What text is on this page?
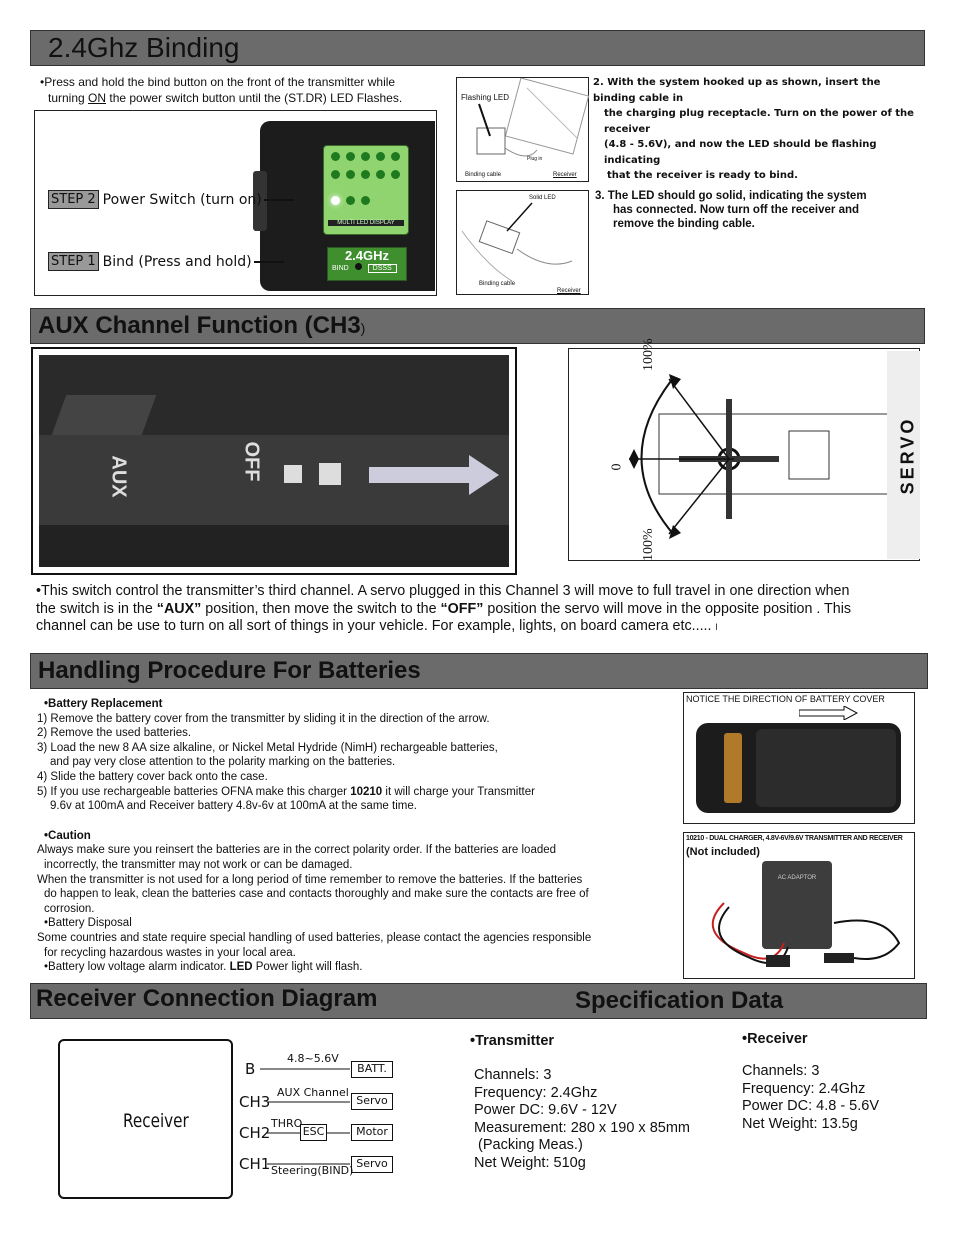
2.4Ghz Binding
•Press and hold the bind button on the front of the transmitter while
turning ON the power switch button until the (ST.DR) LED Flashes.
MULTI LED DISPLAY
2.4GHz
BIND	DSSS
STEP 2 Power Switch (turn on)
STEP 1 Bind (Press and hold)
Flashing LED
Plug in
Binding cable	Receiver
Solid LED
Binding cable
Receiver
2. With the system hooked up as shown, insert the binding cable in
the charging plug receptacle. Turn on the power of the receiver
(4.8 - 5.6V), and now the LED should be flashing indicating
that the receiver is ready to bind.
3. The LED should go solid, indicating the system
has connected. Now turn off the receiver and
remove the binding cable.
AUX Channel Function (CH3)
AUX	OFF
100%
0
100%
SERVO
•This switch control the transmitter’s third channel. A servo plugged in this Channel 3 will move to full travel in one direction when
the switch is in the “AUX” position, then move the switch to the “OFF” position the servo will move in the opposite position . This
channel can be use to turn on all sort of things in your vehicle. For example, lights, on board camera etc..... l
Handling Procedure For Batteries
•Battery Replacement
1) Remove the battery cover from the transmitter by sliding it in the direction of the arrow.
2) Remove the used batteries.
3) Load the new 8 AA size alkaline, or Nickel Metal Hydride (NimH) rechargeable batteries,
and pay very close attention to the polarity marking on the batteries.
4) Slide the battery cover back onto the case.
5) If you use rechargeable batteries OFNA make this charger 10210 it will charge your Transmitter
9.6v at 100mA and Receiver battery 4.8v-6v at 100mA at the same time.
•Caution
Always make sure you reinsert the batteries are in the correct polarity order. If the batteries are loaded
incorrectly, the transmitter may not work or can be damaged.
When the transmitter is not used for a long period of time remember to remove the batteries. If the batteries
do happen to leak, clean the batteries case and contacts thoroughly and make sure the contacts are free of
corrosion.
•Battery Disposal
Some countries and state require special handling of used batteries, please contact the agencies responsible
for recycling hazardous wastes in your local area.
•Battery low voltage alarm indicator. LED Power light will flash.
NOTICE THE DIRECTION OF BATTERY COVER
10210 - DUAL CHARGER, 4.8V-6V/9.6V TRANSMITTER AND RECEIVER
(Not included)
AC ADAPTOR
Receiver Connection Diagram	Specification Data
Receiver
B
CH3
CH2
CH1
4.8~5.6V
AUX Channel
THRO
Steering(BIND)
BATT.
Servo
ESC	Motor
Servo
•Transmitter
Channels: 3
Frequency: 2.4Ghz
Power DC: 9.6V - 12V
Measurement: 280 x 190 x 85mm
(Packing Meas.)
Net Weight: 510g
•Receiver
Channels: 3
Frequency: 2.4Ghz
Power DC: 4.8 - 5.6V
Net Weight: 13.5g
